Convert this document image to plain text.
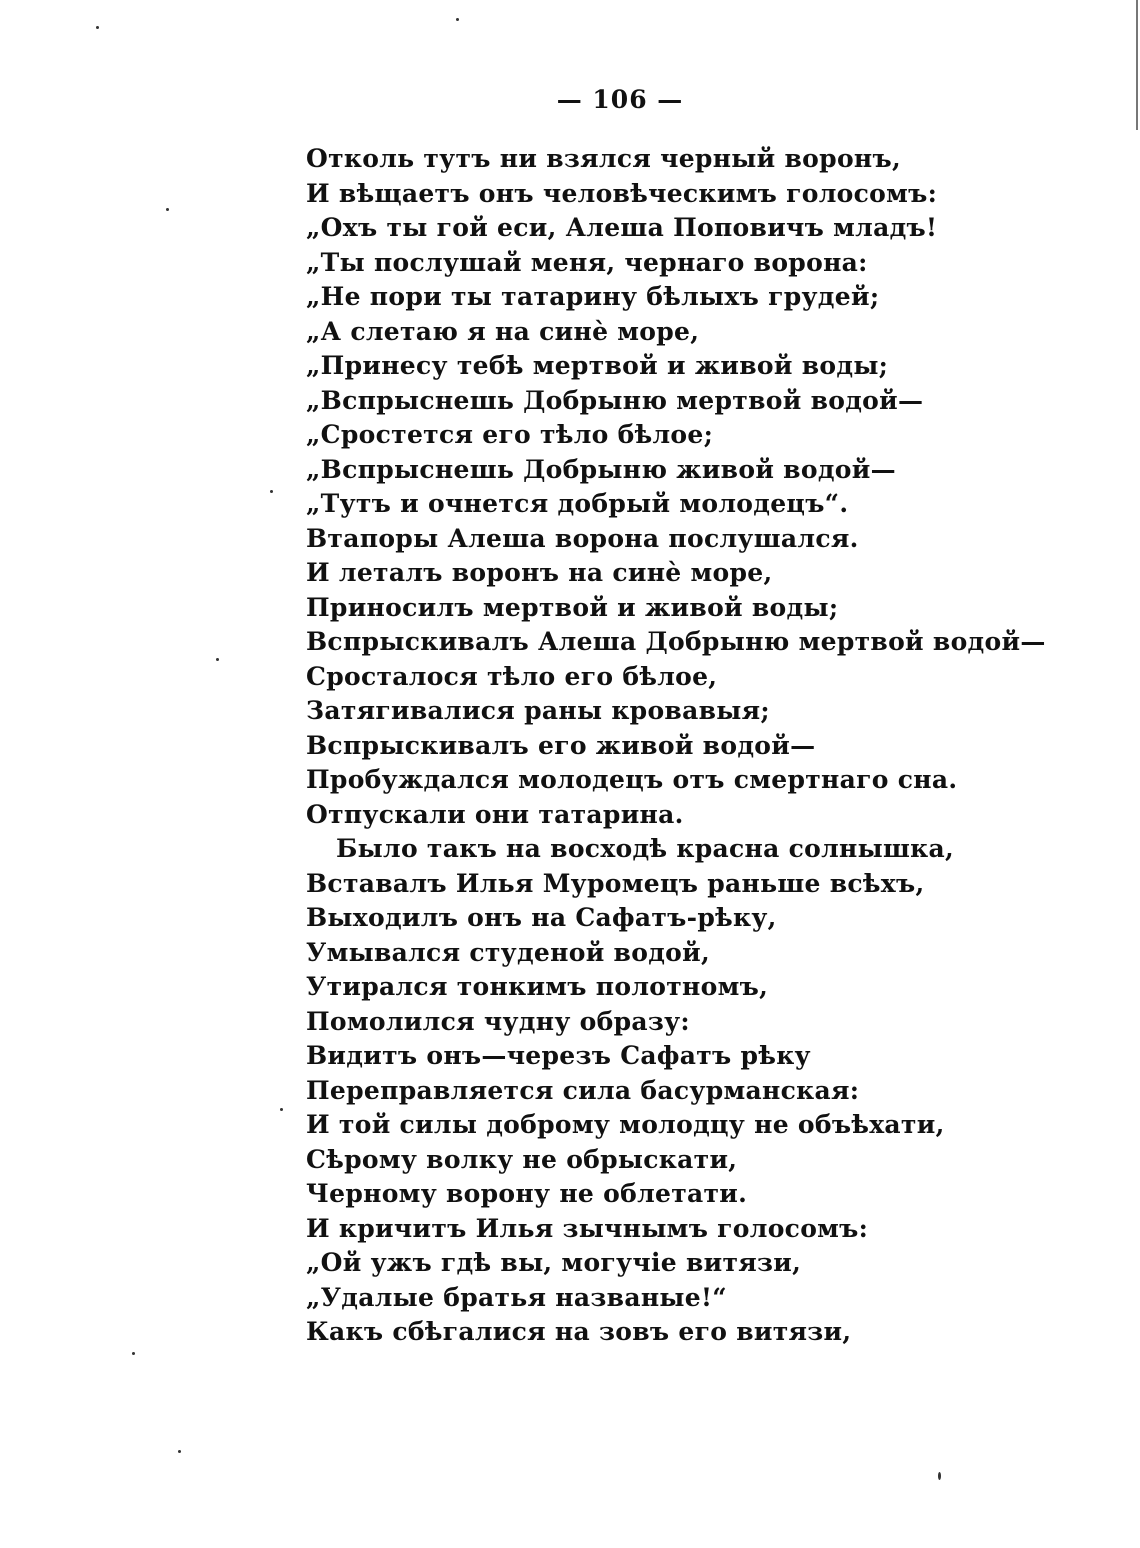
— 106 —
Отколь тутъ ни взялся черный воронъ,
И вѣщаетъ онъ человѣческимъ голосомъ:
„Охъ ты гой еси, Алеша Поповичъ младъ!
„Ты послушай меня, чернаго ворона:
„Не пори ты татарину бѣлыхъ грудей;
„А слетаю я на синѐ море,
„Принесу тебѣ мертвой и живой воды;
„Вспрыснешь Добрыню мертвой водой—
„Сростется его тѣло бѣлое;
„Вспрыснешь Добрыню живой водой—
„Тутъ и очнется добрый молодецъ“.
Втапоры Алеша ворона послушался.
И леталъ воронъ на синѐ море,
Приносилъ мертвой и живой воды;
Вспрыскивалъ Алеша Добрыню мертвой водой—
Сросталося тѣло его бѣлое,
Затягивалися раны кровавыя;
Вспрыскивалъ его живой водой—
Пробуждался молодецъ отъ смертнаго сна.
Отпускали они татарина.
Было такъ на восходѣ красна солнышка,
Вставалъ Илья Муромецъ раньше всѣхъ,
Выходилъ онъ на Сафатъ-рѣку,
Умывался студеной водой,
Утирался тонкимъ полотномъ,
Помолился чудну образу:
Видитъ онъ—черезъ Сафатъ рѣку
Переправляется сила басурманская:
И той силы доброму молодцу не объѣхати,
Сѣрому волку не обрыскати,
Черному ворону не облетати.
И кричитъ Илья зычнымъ голосомъ:
„Ой ужъ гдѣ вы, могучіе витязи,
„Удалые братья названые!“
Какъ сбѣгалися на зовъ его витязи,
